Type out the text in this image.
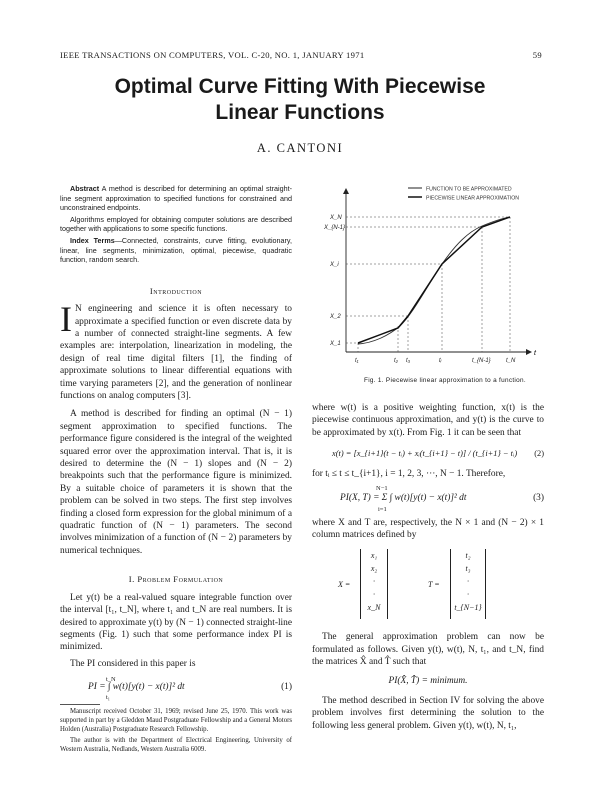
IEEE TRANSACTIONS ON COMPUTERS, VOL. C-20, NO. 1, JANUARY 1971	59
Optimal Curve Fitting With Piecewise
Linear Functions
A. CANTONI

Abstract A method is described for determining an optimal straight-line segment approximation to specified functions for constrained and unconstrained endpoints.

Algorithms employed for obtaining computer solutions are described together with applications to some specific functions.

Index Terms—Connected, constraints, curve fitting, evolutionary, linear, line segments, minimization, optimal, piecewise, quadratic function, random search.

Introduction

I N engineering and science it is often necessary to approximate a specified function or even discrete data by a number of connected straight-line segments. A few examples are: interpolation, linearization in modeling, the design of real time digital filters [1], the finding of approximate solutions to linear differential equations with time varying parameters [2], and the generation of nonlinear functions on analog computers [3].

A method is described for finding an optimal (N − 1) segment approximation to specified functions. The performance figure considered is the integral of the weighted squared error over the approximation interval. That is, it is desired to determine the (N − 1) slopes and (N − 2) breakpoints such that the performance figure is minimized. By a suitable choice of parameters it is shown that the problem can be solved in two steps. The first step involves finding a closed form expression for the global minimum of a quadratic function of (N − 1) parameters. The second involves minimization of a function of (N − 2) parameters by numerical techniques.

I. Problem Formulation

Let y(t) be a real-valued square integrable function over the interval [t₁, t_N], where t₁ and t_N are real numbers. It is desired to approximate y(t) by (N − 1) connected straight-line segments (Fig. 1) such that some performance index PI is minimized.

The PI considered in this paper is

t_N
PI = ∫ w(t)[y(t) − x(t)]² dt
t₁
(1)

Manuscript received October 31, 1969; revised June 25, 1970. This work was supported in part by a Gledden Maud Postgraduate Fellowship and a General Motors Holden (Australia) Postgraduate Research Fellowship.

The author is with the Department of Electrical Engineering, University of Western Australia, Nedlands, Western Australia 6009.

FUNCTION TO BE APPROXIMATED
PIECEWISE LINEAR APPROXIMATION
t
X_N
X_{N-1}
X_i
X_2
X_1
t₁	t₂ t₃	tᵢ	t_{N-1}	t_N
Fig. 1. Piecewise linear approximation to a function.

where w(t) is a positive weighting function, x(t) is the piecewise continuous approximation, and y(t) is the curve to be approximated by x(t). From Fig. 1 it can be seen that

x(t) = [x_{i+1}(t − tᵢ) + xᵢ(t_{i+1} − t)] / (t_{i+1} − tᵢ) (2)

for tᵢ ≤ t ≤ t_{i+1}, i = 1, 2, 3, ···, N − 1. Therefore,

N−1
PI(X, T) = Σ ∫ w(t)[y(t) − x(t)]² dt
i=1
(3)

where X and T are, respectively, the N × 1 and (N − 2) × 1 column matrices defined by

X =
x₁
x₂
·
·
x_N
T =
t₂
t₃
·
·
t_{N−1}

The general approximation problem can now be formulated as follows. Given y(t), w(t), N, t₁, and t_N, find the matrices X̂ and T̂ such that

PI(X̂, T̂) = minimum.

The method described in Section IV for solving the above problem involves first determining the solution to the following less general problem. Given y(t), w(t), N, t₁,
